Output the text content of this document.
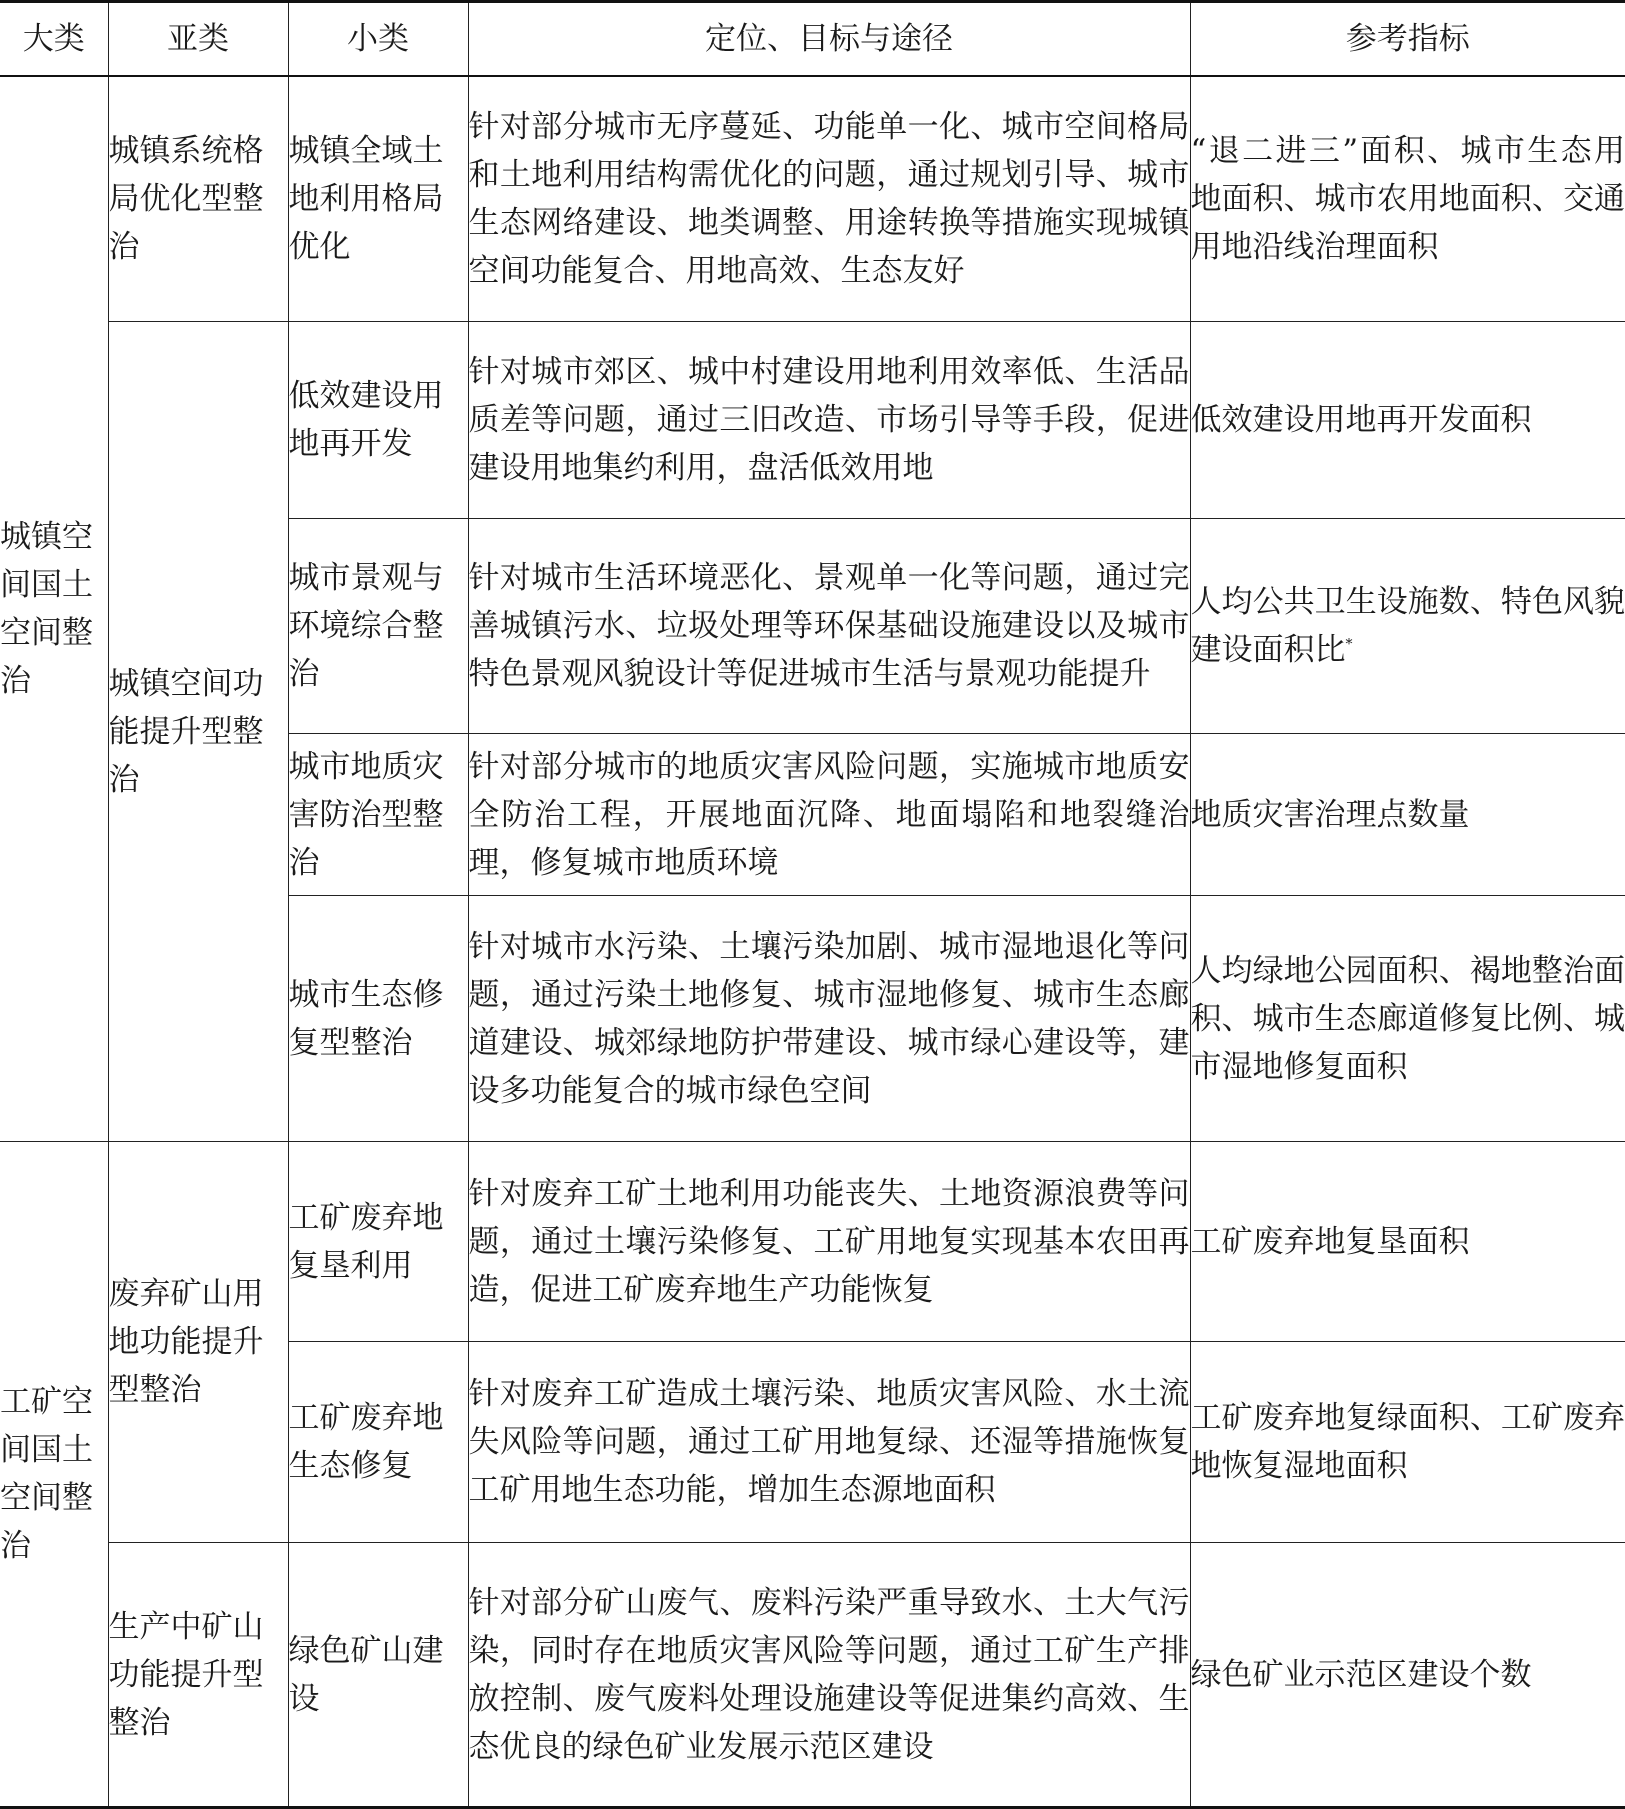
大类	亚类	小类	定位、目标与途径	参考指标
城镇空间国土空间整治	城镇系统格局优化型整治	城镇全域土地利用格局优化	针对部分城市无序蔓延、功能单一化、城市空间格局和土地利用结构需优化的问题，通过规划引导、城市生态网络建设、地类调整、用途转换等措施实现城镇空间功能复合、用地高效、生态友好	“退二进三”面积、城市生态用地面积、城市农用地面积、交通用地沿线治理面积
	城镇空间功能提升型整治	低效建设用地再开发	针对城市郊区、城中村建设用地利用效率低、生活品质差等问题，通过三旧改造、市场引导等手段，促进建设用地集约利用，盘活低效用地	低效建设用地再开发面积
		城市景观与环境综合整治	针对城市生活环境恶化、景观单一化等问题，通过完善城镇污水、垃圾处理等环保基础设施建设以及城市特色景观风貌设计等促进城市生活与景观功能提升	人均公共卫生设施数、特色风貌建设面积比*
		城市地质灾害防治型整治	针对部分城市的地质灾害风险问题，实施城市地质安全防治工程，开展地面沉降、地面塌陷和地裂缝治理，修复城市地质环境	地质灾害治理点数量
		城市生态修复型整治	针对城市水污染、土壤污染加剧、城市湿地退化等问题，通过污染土地修复、城市湿地修复、城市生态廊道建设、城郊绿地防护带建设、城市绿心建设等，建设多功能复合的城市绿色空间	人均绿地公园面积、褐地整治面积、城市生态廊道修复比例、城市湿地修复面积
工矿空间国土空间整治	废弃矿山用地功能提升型整治	工矿废弃地复垦利用	针对废弃工矿土地利用功能丧失、土地资源浪费等问题，通过土壤污染修复、工矿用地复实现基本农田再造，促进工矿废弃地生产功能恢复	工矿废弃地复垦面积
		工矿废弃地生态修复	针对废弃工矿造成土壤污染、地质灾害风险、水土流失风险等问题，通过工矿用地复绿、还湿等措施恢复工矿用地生态功能，增加生态源地面积	工矿废弃地复绿面积、工矿废弃地恢复湿地面积
	生产中矿山功能提升型整治	绿色矿山建设	针对部分矿山废气、废料污染严重导致水、土大气污染，同时存在地质灾害风险等问题，通过工矿生产排放控制、废气废料处理设施建设等促进集约高效、生态优良的绿色矿业发展示范区建设	绿色矿业示范区建设个数
